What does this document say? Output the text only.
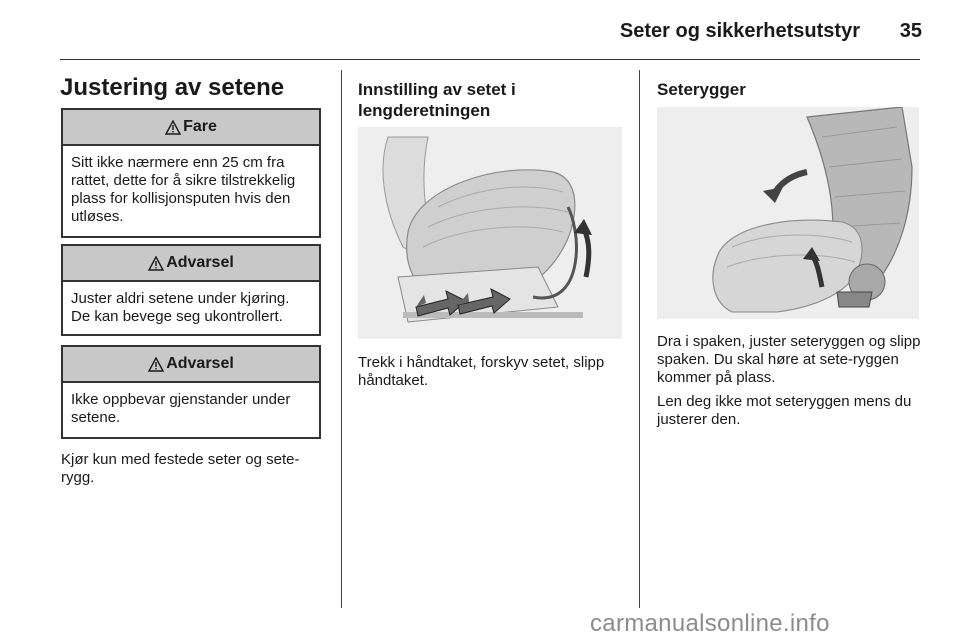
Seter og sikkerhetsutstyr	35
Justering av setene
Fare
Sitt ikke nærmere enn 25 cm fra rattet, dette for å sikre tilstrekkelig plass for kollisjonsputen hvis den utløses.
Advarsel
Juster aldri setene under kjøring. De kan bevege seg ukontrollert.
Advarsel
Ikke oppbevar gjenstander under setene.

Kjør kun med festede seter og sete-rygg.

Innstilling av setet i lengderetningen

Trekk i håndtaket, forskyv setet, slipp håndtaket.

Seterygger

Dra i spaken, juster seteryggen og slipp spaken. Du skal høre at sete-ryggen kommer på plass.

Len deg ikke mot seteryggen mens du justerer den.

carmanualsonline.info
